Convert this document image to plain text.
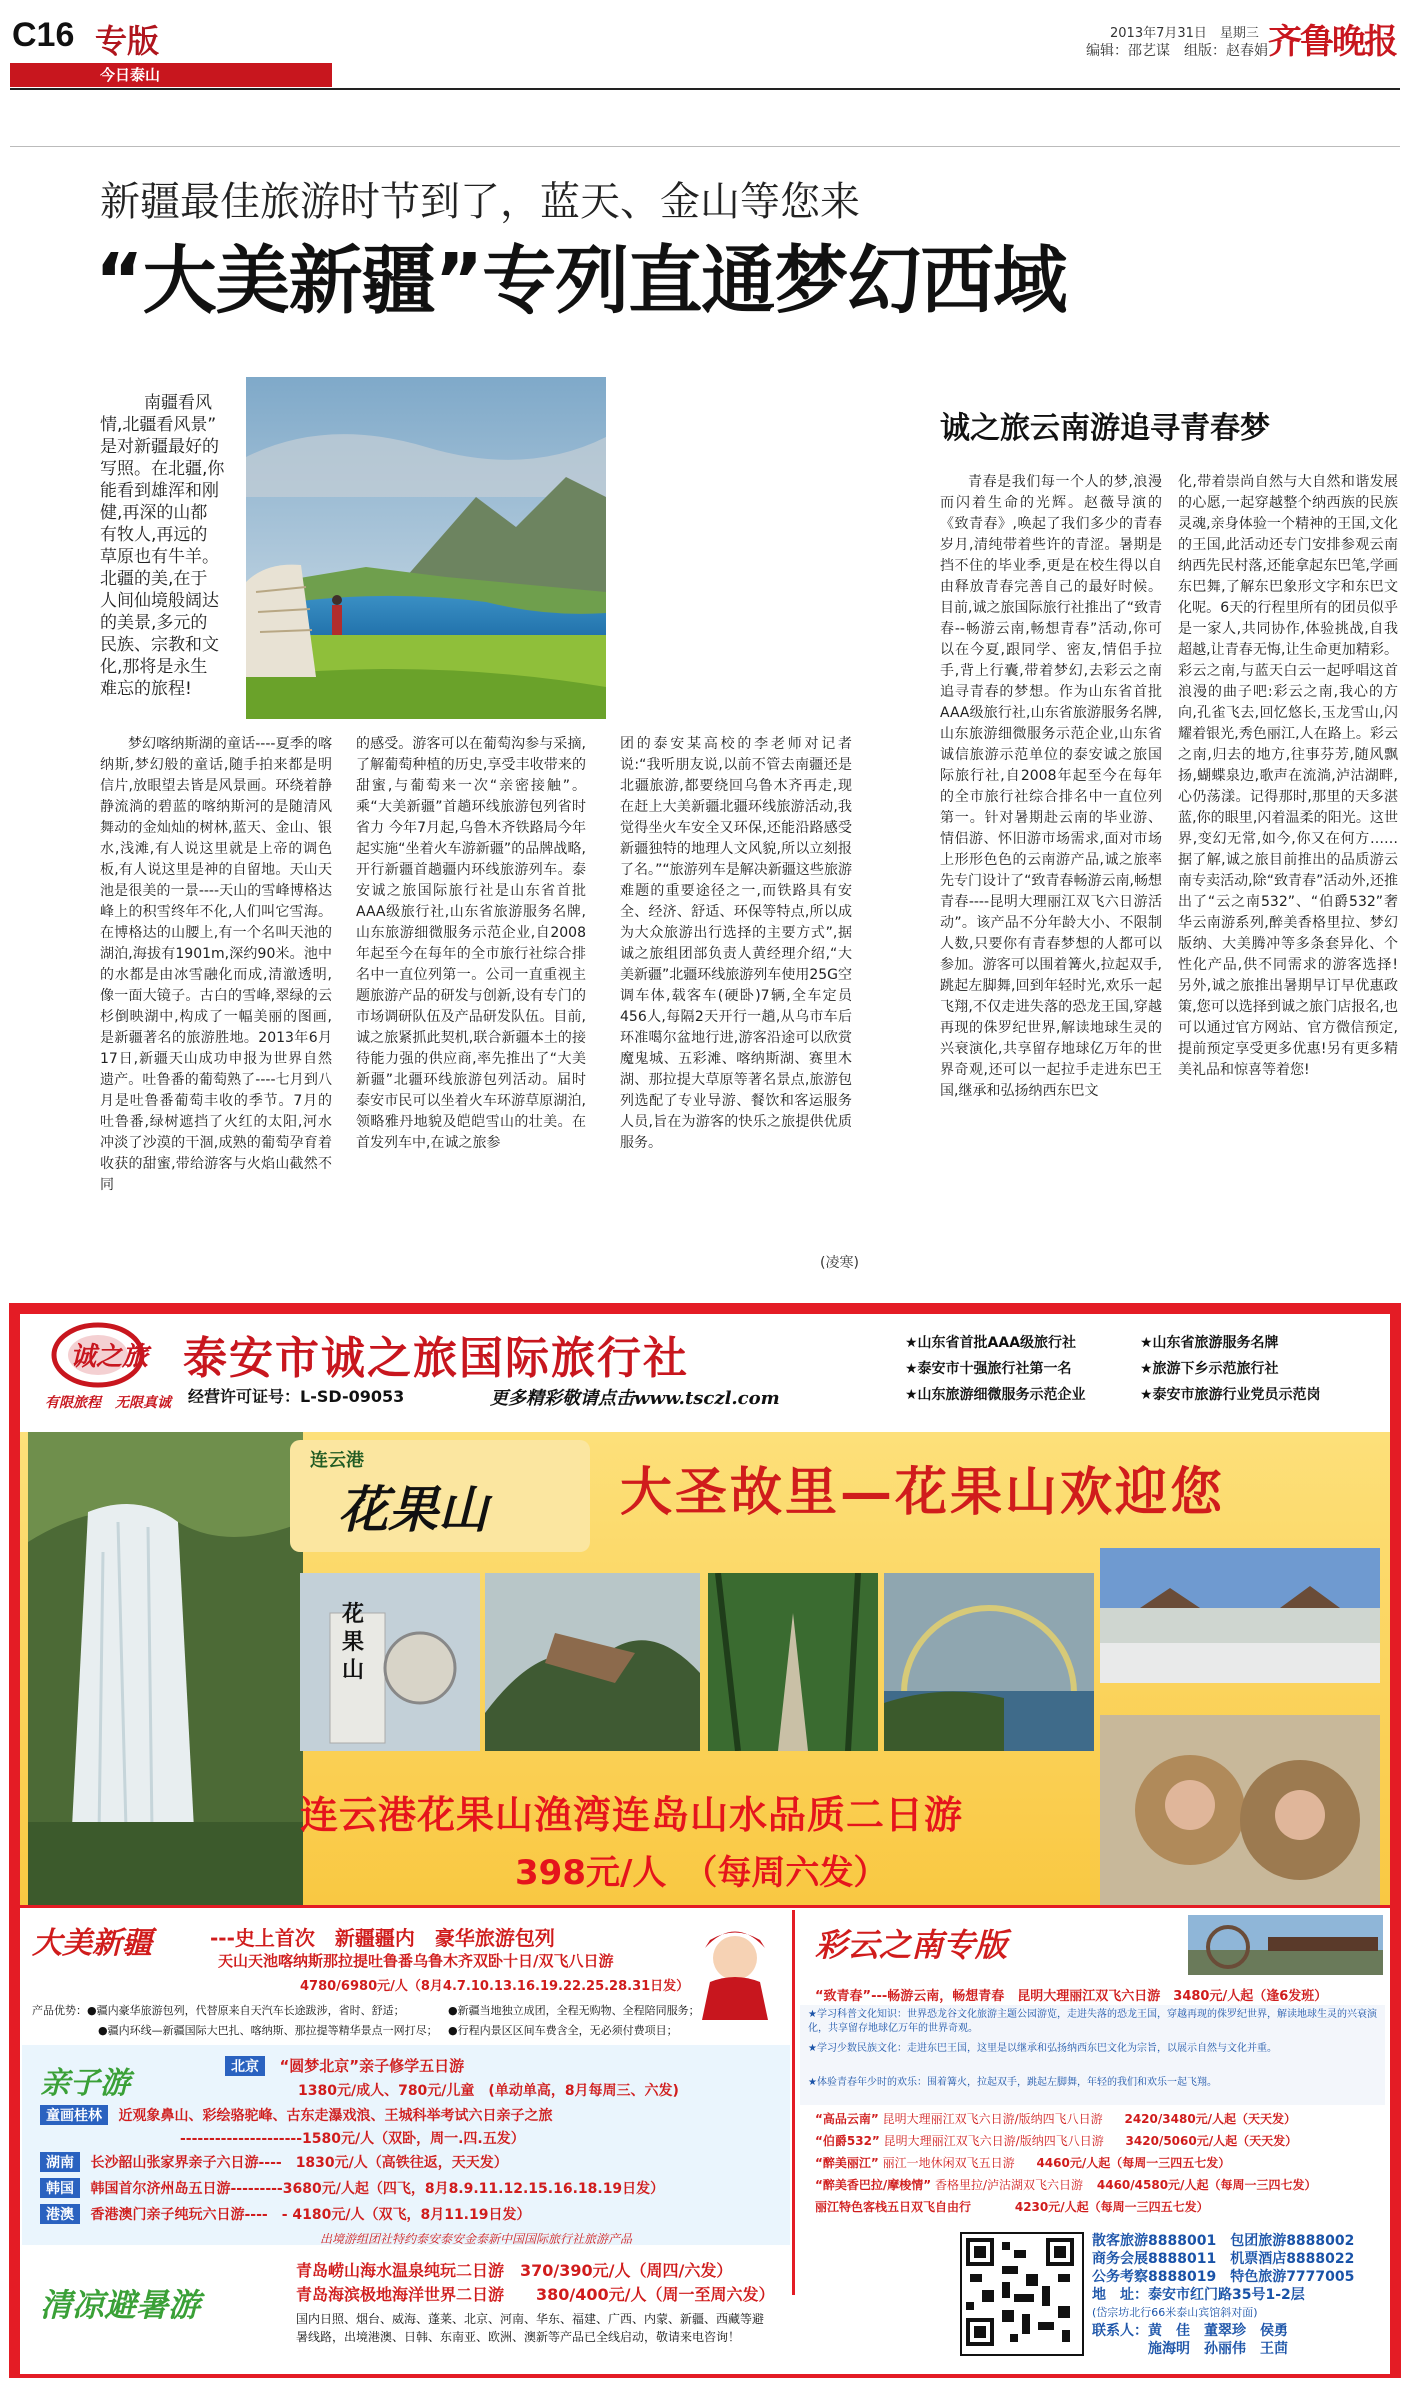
C16 专版
今日泰山
2013年7月31日　星期三
编辑：邵艺谋　组版：赵春娟 齐鲁晚报
新疆最佳旅游时节到了，蓝天、金山等您来
“大美新疆”专列直通梦幻西域
南疆看风
情,北疆看风景”
是对新疆最好的
写照。在北疆,你
能看到雄浑和刚
健,再深的山都
有牧人,再远的
草原也有牛羊。
北疆的美,在于
人间仙境般阔达
的美景,多元的
民族、宗教和文
化,那将是永生
难忘的旅程!
梦幻喀纳斯湖的童话----夏季的喀纳斯,梦幻般的童话,随手拍来都是明信片,放眼望去皆是风景画。环绕着静静流淌的碧蓝的喀纳斯河的是随清风舞动的金灿灿的树林,蓝天、金山、银水,浅滩,有人说这里就是上帝的调色板,有人说这里是神的自留地。天山天池是很美的一景----天山的雪峰博格达峰上的积雪终年不化,人们叫它雪海。在博格达的山腰上,有一个名叫天池的湖泊,海拔有1901m,深约90米。池中的水都是由冰雪融化而成,清澈透明,像一面大镜子。古白的雪峰,翠绿的云杉倒映湖中,构成了一幅美丽的图画,是新疆著名的旅游胜地。2013年6月17日,新疆天山成功申报为世界自然遗产。吐鲁番的葡萄熟了----七月到八月是吐鲁番葡萄丰收的季节。7月的吐鲁番,绿树遮挡了火红的太阳,河水冲淡了沙漠的干涸,成熟的葡萄孕育着收获的甜蜜,带给游客与火焰山截然不同
的感受。游客可以在葡萄沟参与采摘,了解葡萄种植的历史,享受丰收带来的甜蜜,与葡萄来一次“亲密接触”。乘“大美新疆”首趟环线旅游包列省时省力 今年7月起,乌鲁木齐铁路局今年起实施“坐着火车游新疆”的品牌战略,开行新疆首趟疆内环线旅游列车。泰安诚之旅国际旅行社是山东省首批AAA级旅行社,山东省旅游服务名牌,山东旅游细微服务示范企业,自2008年起至今在每年的全市旅行社综合排名中一直位列第一。公司一直重视主题旅游产品的研发与创新,设有专门的市场调研队伍及产品研发队伍。目前,诚之旅紧抓此契机,联合新疆本土的接待能力强的供应商,率先推出了“大美新疆”北疆环线旅游包列活动。届时泰安市民可以坐着火车环游草原湖泊,领略雅丹地貌及皑皑雪山的壮美。在首发列车中,在诚之旅参
团的泰安某高校的李老师对记者说:“我听朋友说,以前不管去南疆还是北疆旅游,都要绕回乌鲁木齐再走,现在赶上大美新疆北疆环线旅游活动,我觉得坐火车安全又环保,还能沿路感受新疆独特的地理人文风貌,所以立刻报了名。”“旅游列车是解决新疆这些旅游难题的重要途径之一,而铁路具有安全、经济、舒适、环保等特点,所以成为大众旅游出行选择的主要方式”,据诚之旅组团部负责人黄经理介绍,“大美新疆”北疆环线旅游列车使用25G空调车体,载客车(硬卧)7辆,全车定员456人,每隔2天开行一趟,从乌市车后环准噶尔盆地行进,游客沿途可以欣赏魔鬼城、五彩滩、喀纳斯湖、赛里木湖、那拉提大草原等著名景点,旅游包列选配了专业导游、餐饮和客运服务人员,旨在为游客的快乐之旅提供优质服务。
(凌寒)
诚之旅云南游追寻青春梦
青春是我们每一个人的梦,浪漫而闪着生命的光辉。赵薇导演的《致青春》,唤起了我们多少的青春岁月,清纯带着些许的青涩。暑期是挡不住的毕业季,更是在校生得以自由释放青春完善自己的最好时候。目前,诚之旅国际旅行社推出了“致青春--畅游云南,畅想青春”活动,你可以在今夏,跟同学、密友,情侣手拉手,背上行囊,带着梦幻,去彩云之南追寻青春的梦想。作为山东省首批AAA级旅行社,山东省旅游服务名牌,山东旅游细微服务示范企业,山东省诚信旅游示范单位的泰安诚之旅国际旅行社,自2008年起至今在每年的全市旅行社综合排名中一直位列第一。针对暑期赴云南的毕业游、情侣游、怀旧游市场需求,面对市场上形形色色的云南游产品,诚之旅率先专门设计了“致青春畅游云南,畅想青春----昆明大理丽江双飞六日游活动”。该产品不分年龄大小、不限制人数,只要你有青春梦想的人都可以参加。游客可以围着篝火,拉起双手,跳起左脚舞,回到年轻时光,欢乐一起飞翔,不仅走进失落的恐龙王国,穿越再现的侏罗纪世界,解读地球生灵的兴衰演化,共享留存地球亿万年的世界奇观,还可以一起拉手走进东巴王国,继承和弘扬纳西东巴文
化,带着崇尚自然与大自然和谐发展的心愿,一起穿越整个纳西族的民族灵魂,亲身体验一个精神的王国,文化的王国,此活动还专门安排参观云南纳西先民村落,还能拿起东巴笔,学画东巴舞,了解东巴象形文字和东巴文化呢。6天的行程里所有的团员似乎是一家人,共同协作,体验挑战,自我超越,让青春无悔,让生命更加精彩。彩云之南,与蓝天白云一起呼唱这首浪漫的曲子吧:彩云之南,我心的方向,孔雀飞去,回忆悠长,玉龙雪山,闪耀着银光,秀色丽江,人在路上。彩云之南,归去的地方,往事芬芳,随风飘扬,蝴蝶泉边,歌声在流淌,泸沽湖畔,心仍荡漾。记得那时,那里的天多湛蓝,你的眼里,闪着温柔的阳光。这世界,变幻无常,如今,你又在何方……据了解,诚之旅目前推出的品质游云南专卖活动,除“致青春”活动外,还推出了“云之南532”、“伯爵532”奢华云南游系列,醉美香格里拉、梦幻版纳、大美腾冲等多条套异化、个性化产品,供不同需求的游客选择!另外,诚之旅推出暑期早订早优惠政策,您可以选择到诚之旅门店报名,也可以通过官方网站、官方微信预定,提前预定享受更多优惠!另有更多精美礼品和惊喜等着您!
诚之旅
有限旅程　无限真诚
泰安市诚之旅国际旅行社
经营许可证号：L-SD-09053	更多精彩敬请点击www.tsczl.com
★山东省首批AAA级旅行社	★山东省旅游服务名牌
★泰安市十强旅行社第一名	★旅游下乡示范旅行社
★山东旅游细微服务示范企业	★泰安市旅游行业党员示范岗
连云港
花果山	大圣故里—花果山欢迎您
花果山
连云港花果山渔湾连岛山水品质二日游
398元/人　（每周六发）
大美新疆	---史上首次　新疆疆内　豪华旅游包列
天山天池喀纳斯那拉提吐鲁番乌鲁木齐双卧十日/双飞八日游
4780/6980元/人（8月4.7.10.13.16.19.22.25.28.31日发）
产品优势：●疆内豪华旅游包列，代替原来自天汽车长途跋涉，省时、舒适；	●新疆当地独立成团，全程无购物、全程陪同服务；
●疆内环线—新疆国际大巴扎、喀纳斯、那拉提等精华景点一网打尽； ●行程内景区区间车费含全，无必须付费项目；
亲子游	北京 “圆梦北京”亲子修学五日游
1380元/成人、780元/儿童　(单动单高，8月每周三、六发)
童画桂林 近观象鼻山、彩绘骆驼峰、古东走瀑戏浪、王城科举考试六日亲子之旅
---------------------1580元/人（双卧，周一.四.五发）
湖南 长沙韶山张家界亲子六日游----　1830元/人（高铁往返，天天发）
韩国 韩国首尔济州岛五日游---------3680元/人起（四飞，8月8.9.11.12.15.16.18.19日发）
港澳 香港澳门亲子纯玩六日游----　- 4180元/人（双飞，8月11.19日发）
出境游组团社特约泰安泰安金泰新中国国际旅行社旅游产品
清凉避暑游
青岛崂山海水温泉纯玩二日游　370/390元/人（周四/六发）
青岛海滨极地海洋世界二日游　　380/400元/人（周一至周六发）
国内日照、烟台、威海、蓬莱、北京、河南、华东、福建、广西、内蒙、新疆、西藏等避暑线路，出境港澳、日韩、东南亚、欧洲、澳新等产品已全线启动，敬请来电咨询！
彩云之南专版
“致青春”---畅游云南，畅想青春　昆明大理丽江双飞六日游　3480元/人起（逢6发班）
★学习科普文化知识：世界恐龙谷文化旅游主题公园游览，走进失落的恐龙王国，穿越再现的侏罗纪世界，解读地球生灵的兴衰演化，共享留存地球亿万年的世界奇观。
★学习少数民族文化：走进东巴王国，这里是以继承和弘扬纳西东巴文化为宗旨，以展示自然与文化并重。
★体验青春年少时的欢乐：围着篝火，拉起双手，跳起左脚舞，年轻的我们和欢乐一起飞翔。
“高品云南” 昆明大理丽江双飞六日游/版纳四飞八日游 2420/3480元/人起（天天发）
“伯爵532” 昆明大理丽江双飞六日游/版纳四飞八日游 3420/5060元/人起（天天发）
“醉美丽江” 丽江一地休闲双飞五日游 4460元/人起（每周一三四五七发）
“醉美香巴拉/摩梭情” 香格里拉/泸沽湖双飞六日游 4460/4580元/人起（每周一三四七发）
丽江特色客栈五日双飞自由行	4230元/人起（每周一三四五七发）
散客旅游8888001　包团旅游8888002
商务会展8888011　机票酒店8888022
公务考察8888019　特色旅游7777005
地　址：泰安市红门路35号1-2层
(岱宗坊北行66米泰山宾馆斜对面)
联系人：黄　佳　董翠珍　侯勇
　　　　施海明　孙丽伟　王茴
